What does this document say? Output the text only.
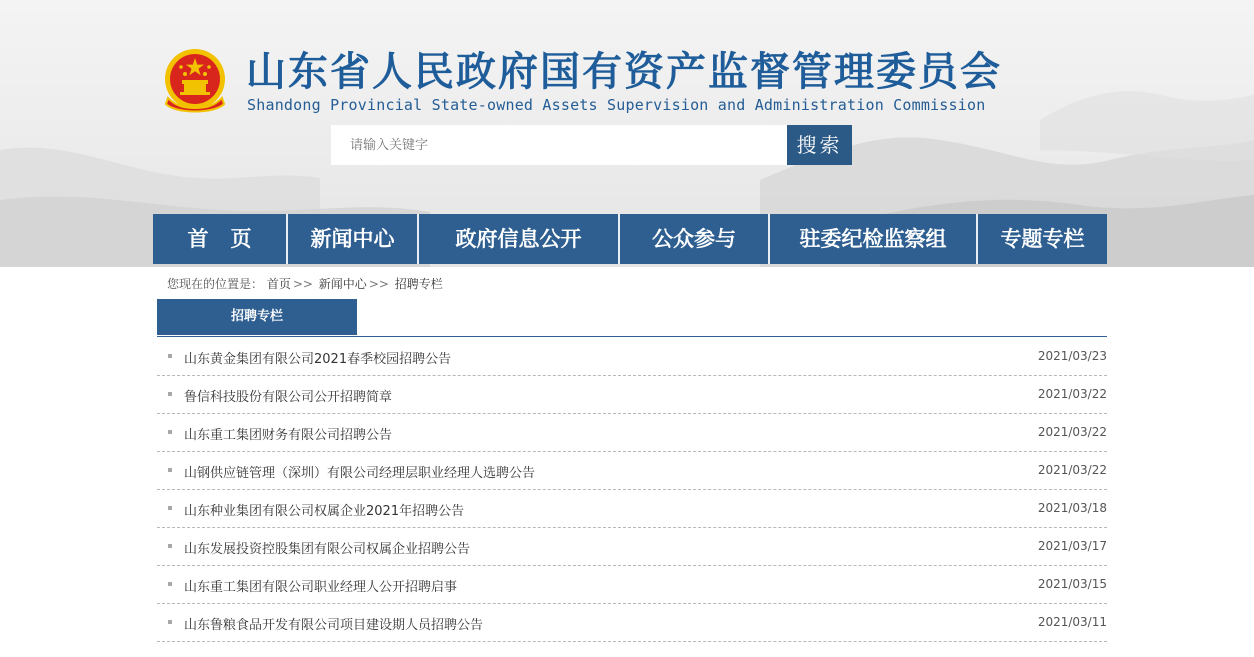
山东省人民政府国有资产监督管理委员会
Shandong Provincial State-owned Assets Supervision and Administration Commission
请输入关键字
搜索
首页	新闻中心	政府信息公开	公众参与	驻委纪检监察组	专题专栏
您现在的位置是： 首页 >> 新闻中心 >> 招聘专栏
招聘专栏
山东黄金集团有限公司2021春季校园招聘公告	2021/03/23
鲁信科技股份有限公司公开招聘简章	2021/03/22
山东重工集团财务有限公司招聘公告	2021/03/22
山钢供应链管理（深圳）有限公司经理层职业经理人选聘公告	2021/03/22
山东种业集团有限公司权属企业2021年招聘公告	2021/03/18
山东发展投资控股集团有限公司权属企业招聘公告	2021/03/17
山东重工集团有限公司职业经理人公开招聘启事	2021/03/15
山东鲁粮食品开发有限公司项目建设期人员招聘公告	2021/03/11
